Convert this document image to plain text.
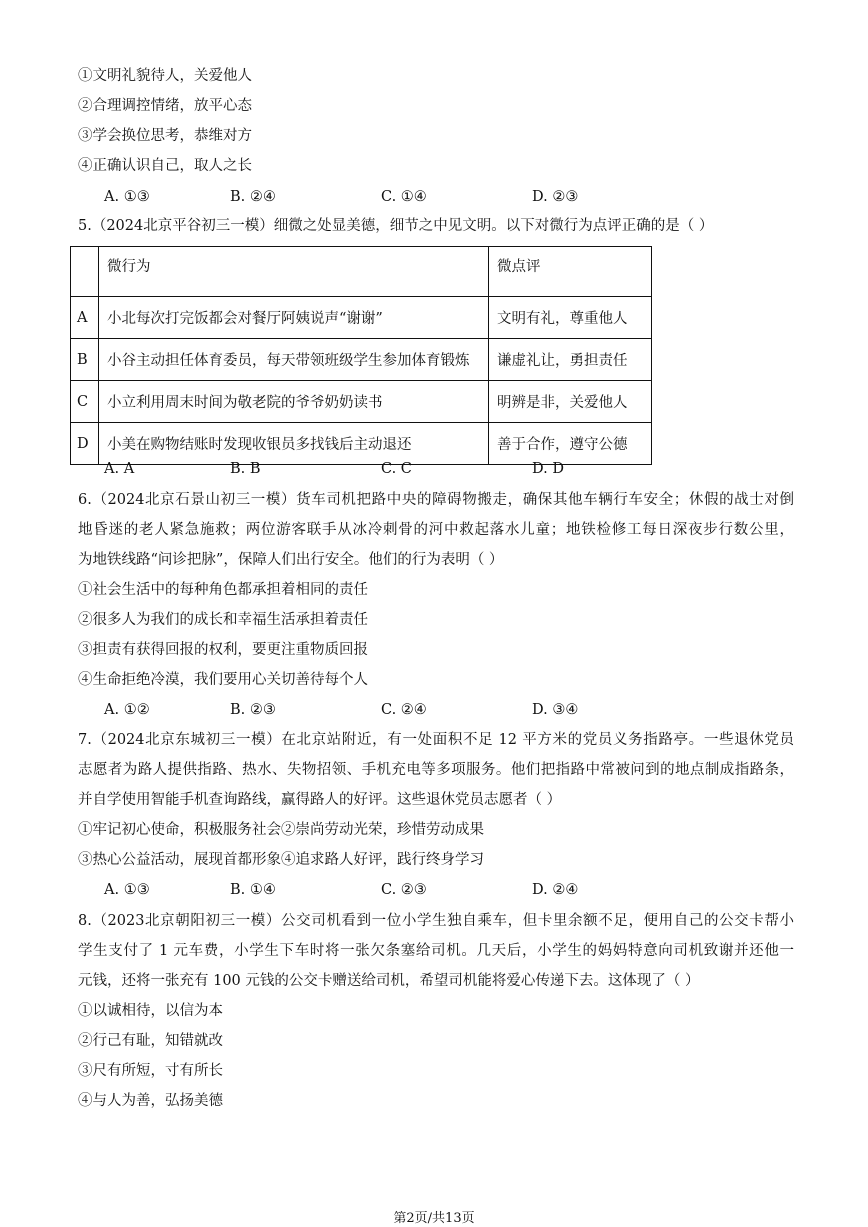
①文明礼貌待人，关爱他人
②合理调控情绪，放平心态
③学会换位思考，恭维对方
④正确认识自己，取人之长
A. ①③	B. ②④	C. ①④	D. ②③
5.（2024北京平谷初三一模）细微之处显美德，细节之中见文明。以下对微行为点评正确的是（ ）
	微行为	微点评
A	小北每次打完饭都会对餐厅阿姨说声“谢谢”	文明有礼，尊重他人
B	小谷主动担任体育委员，每天带领班级学生参加体育锻炼	谦虚礼让，勇担责任
C	小立利用周末时间为敬老院的爷爷奶奶读书	明辨是非，关爱他人
D	小美在购物结账时发现收银员多找钱后主动退还	善于合作，遵守公德
A. A	B. B	C. C	D. D
6.（2024北京石景山初三一模）货车司机把路中央的障碍物搬走，确保其他车辆行车安全；休假的战士对倒
地昏迷的老人紧急施救；两位游客联手从冰冷刺骨的河中救起落水儿童；地铁检修工每日深夜步行数公里，
为地铁线路“问诊把脉”，保障人们出行安全。他们的行为表明（ ）
①社会生活中的每种角色都承担着相同的责任
②很多人为我们的成长和幸福生活承担着责任
③担责有获得回报的权利，要更注重物质回报
④生命拒绝冷漠，我们要用心关切善待每个人
A. ①②	B. ②③	C. ②④	D. ③④
7.（2024北京东城初三一模）在北京站附近，有一处面积不足 12 平方米的党员义务指路亭。一些退休党员
志愿者为路人提供指路、热水、失物招领、手机充电等多项服务。他们把指路中常被问到的地点制成指路条，
并自学使用智能手机查询路线，赢得路人的好评。这些退休党员志愿者（ ）
①牢记初心使命，积极服务社会②崇尚劳动光荣，珍惜劳动成果
③热心公益活动，展现首都形象④追求路人好评，践行终身学习
A. ①③	B. ①④	C. ②③	D. ②④
8.（2023北京朝阳初三一模）公交司机看到一位小学生独自乘车，但卡里余额不足，便用自己的公交卡帮小
学生支付了 1 元车费，小学生下车时将一张欠条塞给司机。几天后，小学生的妈妈特意向司机致谢并还他一
元钱，还将一张充有 100 元钱的公交卡赠送给司机，希望司机能将爱心传递下去。这体现了（ ）
①以诚相待，以信为本
②行己有耻，知错就改
③尺有所短，寸有所长
④与人为善，弘扬美德
第2页/共13页
